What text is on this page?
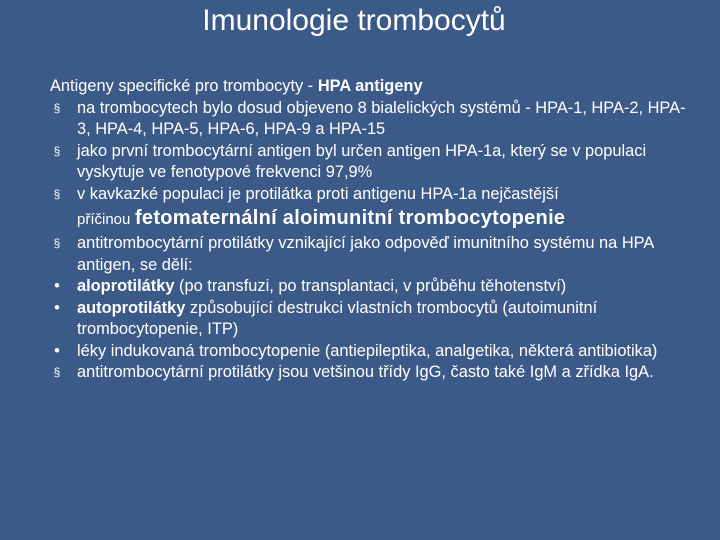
Imunologie trombocytů
Antigeny specifické pro trombocyty - HPA antigeny
§ na trombocytech bylo dosud objeveno 8 bialelických systémů - HPA-1, HPA-2, HPA-3, HPA-4, HPA-5, HPA-6, HPA-9 a HPA-15
§ jako první trombocytární antigen byl určen antigen HPA-1a, který se v populaci vyskytuje ve fenotypové frekvenci 97,9%
§ v kavkazké populaci je protilátka proti antigenu HPA-1a nejčastější
příčinou fetomaternální aloimunitní trombocytopenie
§ antitrombocytární protilátky vznikající jako odpověď imunitního systému na HPA antigen, se dělí:
• aloprotilátky (po transfuzi, po transplantaci, v průběhu těhotenství)
• autoprotilátky způsobující destrukci vlastních trombocytů (autoimunitní trombocytopenie, ITP)
• léky indukovaná trombocytopenie (antiepileptika, analgetika, některá antibiotika)
§ antitrombocytární protilátky jsou vetšinou třídy IgG, často také IgM a zřídka IgA.
